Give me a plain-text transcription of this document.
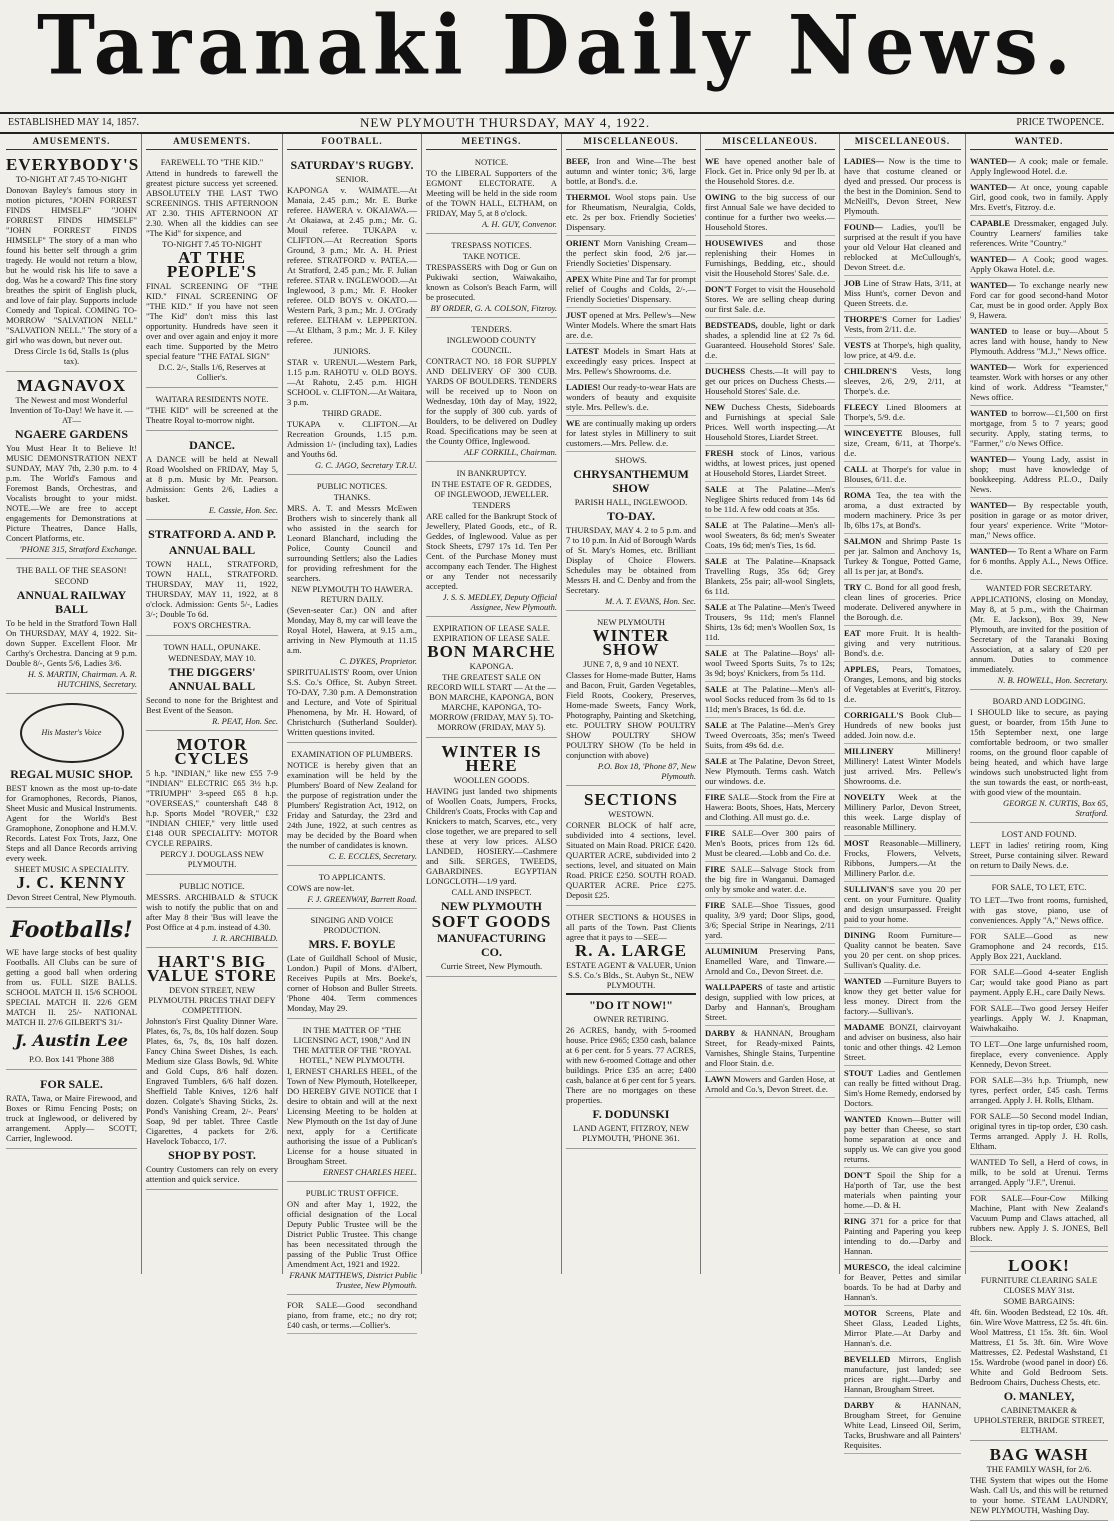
Taranaki Daily News.
ESTABLISHED MAY 14, 1857.	NEW PLYMOUTH THURSDAY, MAY 4, 1922.	PRICE TWOPENCE.
AMUSEMENTS.
EVERYBODY'S
TO-NIGHT AT 7.45 TO-NIGHT
Donovan Bayley's famous story in motion pictures, "JOHN FORREST FINDS HIMSELF" "JOHN FORREST FINDS HIMSELF" "JOHN FORREST FINDS HIMSELF" The story of a man who found his better self through a grim tragedy. He would not return a blow, but he would risk his life to save a dog. Was he a coward? This fine story breathes the spirit of English pluck, and love of fair play. Supports include Comedy and Topical. COMING TO-MORROW "SALVATION NELL" "SALVATION NELL." The story of a girl who was down, but never out.
Dress Circle 1s 6d, Stalls 1s (plus tax).
MAGNAVOX
The Newest and most Wonderful Invention of To-Day! We have it. —AT—
NGAERE GARDENS
You Must Hear It to Believe It! MUSIC DEMONSTRATION NEXT SUNDAY, MAY 7th, 2.30 p.m. to 4 p.m. The World's Famous and Foremost Bands, Orchestras, and Vocalists brought to your midst. NOTE.—We are free to accept engagements for Demonstrations at Picture Theatres, Dance Halls, Concert Platforms, etc.
'PHONE 315, Stratford Exchange.
THE BALL OF THE SEASON!
SECOND
ANNUAL RAILWAY BALL
To be held in the Stratford Town Hall On THURSDAY, MAY 4, 1922. Sit-down Supper. Excellent Floor. Mr Carthy's Orchestra. Dancing at 9 p.m. Double 8/-, Gents 5/6, Ladies 3/6.
H. S. MARTIN, Chairman. A. R. HUTCHINS, Secretary.
His Master's Voice
REGAL MUSIC SHOP.
BEST known as the most up-to-date for Gramophones, Records, Pianos, Sheet Music and Musical Instruments. Agent for the World's Best Gramophone, Zonophone and H.M.V. Records. Latest Fox Trots, Jazz, One Steps and all Dance Records arriving every week.
SHEET MUSIC A SPECIALITY.
J. C. KENNY
Devon Street Central, New Plymouth.
Footballs!
WE have large stocks of best quality Footballs. All Clubs can be sure of getting a good ball when ordering from us. FULL SIZE BALLS. SCHOOL MATCH II. 15/6 SCHOOL SPECIAL MATCH II. 22/6 GEM MATCH II. 25/- NATIONAL MATCH II. 27/6 GILBERT'S 31/-
J. Austin Lee
P.O. Box 141 'Phone 388
FOR SALE.
RATA, Tawa, or Maire Firewood, and Boxes or Rimu Fencing Posts; on truck at Inglewood, or delivered by arrangement. Apply— SCOTT, Carrier, Inglewood.
AMUSEMENTS.
FAREWELL TO "THE KID."
Attend in hundreds to farewell the greatest picture success yet screened. ABSOLUTELY THE LAST TWO SCREENINGS. THIS AFTERNOON AT 2.30. THIS AFTERNOON AT 2.30. When all the kiddies can see "The Kid" for sixpence, and
TO-NIGHT 7.45 TO-NIGHT
AT THE PEOPLE'S
FINAL SCREENING OF "THE KID." FINAL SCREENING OF "THE KID." If you have not seen "The Kid" don't miss this last opportunity. Hundreds have seen it over and over again and enjoy it more each time. Supported by the Metro special feature "THE FATAL SIGN"
D.C. 2/-, Stalls 1/6, Reserves at Collier's.
WAITARA RESIDENTS NOTE.
"THE KID" will be screened at the Theatre Royal to-morrow night.
DANCE.
A DANCE will be held at Newall Road Woolshed on FRIDAY, May 5, at 8 p.m. Music by Mr. Pearson. Admission: Gents 2/6, Ladies a basket.
E. Cassie, Hon. Sec.
STRATFORD A. AND P.
ANNUAL BALL
TOWN HALL, STRATFORD, TOWN HALL, STRATFORD. THURSDAY, MAY 11, 1922, THURSDAY, MAY 11, 1922, at 8 o'clock. Admission: Gents 5/-, Ladies 3/-; Double To 6d.
FOX'S ORCHESTRA.
TOWN HALL, OPUNAKE.
WEDNESDAY, MAY 10.
THE DIGGERS' ANNUAL BALL
Second to none for the Brightest and Best Event of the Season.
R. PEAT, Hon. Sec.
MOTOR CYCLES
5 h.p. "INDIAN," like new £55 7-9 "INDIAN" ELECTRIC £65 3½ h.p. "TRIUMPH" 3-speed £65 8 h.p. "OVERSEAS," countershaft £48 8 h.p. Sports Model "ROVER," £32 "INDIAN CHIEF," very little used £148 OUR SPECIALITY: MOTOR CYCLE REPAIRS.
PERCY J. DOUGLASS NEW PLYMOUTH.
PUBLIC NOTICE.
MESSRS. ARCHIBALD & STUCK wish to notify the public that on and after May 8 their 'Bus will leave the Post Office at 4 p.m. instead of 4.30.
J. R. ARCHIBALD.
HART'S BIG VALUE STORE
DEVON STREET, NEW PLYMOUTH. PRICES THAT DEFY COMPETITION.
Johnston's First Quality Dinner Ware. Plates, 6s, 7s, 8s, 10s half dozen. Soup Plates, 6s, 7s, 8s, 10s half dozen. Fancy China Sweet Dishes, 1s each. Medium size Glass Bowls, 9d. White and Gold Cups, 8/6 half dozen. Engraved Tumblers, 6/6 half dozen. Sheffield Table Knives, 12/6 half dozen. Colgate's Shaving Sticks, 2s. Pond's Vanishing Cream, 2/-. Pears' Soap, 9d per tablet. Three Castle Cigarettes, 4 packets for 2/6. Havelock Tobacco, 1/7.
SHOP BY POST.
Country Customers can rely on every attention and quick service.
FOOTBALL.
SATURDAY'S RUGBY.
SENIOR.
KAPONGA v. WAIMATE.—At Manaia, 2.45 p.m.; Mr. E. Burke referee. HAWERA v. OKAIAWA.—At Okaiawa, at 2.45 p.m.; Mr. G. Mouil referee. TUKAPA v. CLIFTON.—At Recreation Sports Ground, 3 p.m.; Mr. A. H. Priest referee. STRATFORD v. PATEA.—At Stratford, 2.45 p.m.; Mr. F. Julian referee. STAR v. INGLEWOOD.—At Inglewood, 3 p.m.; Mr. F. Hooker referee. OLD BOYS v. OKATO.—Western Park, 3 p.m.; Mr. J. O'Grady referee. ELTHAM v. LEPPERTON.—At Eltham, 3 p.m.; Mr. J. F. Kiley referee.
JUNIORS.
STAR v. URENUI.—Western Park, 1.15 p.m. RAHOTU v. OLD BOYS.—At Rahotu, 2.45 p.m. HIGH SCHOOL v. CLIFTON.—At Waitara, 3 p.m.
THIRD GRADE.
TUKAPA v. CLIFTON.—At Recreation Grounds, 1.15 p.m. Admission 1/- (including tax), Ladies and Youths 6d.
G. C. JAGO, Secretary T.R.U.
PUBLIC NOTICES.
THANKS.
MRS. A. T. and Messrs McEwen Brothers wish to sincerely thank all who assisted in the search for Leonard Blanchard, including the Police, County Council and surrounding Settlers; also the Ladies for providing refreshment for the searchers.
NEW PLYMOUTH TO HAWERA. RETURN DAILY.
(Seven-seater Car.) ON and after Monday, May 8, my car will leave the Royal Hotel, Hawera, at 9.15 a.m., arriving in New Plymouth at 11.15 a.m.
C. DYKES, Proprietor.
SPIRITUALISTS' Room, over Union S.S. Co.'s Office, St. Aubyn Street. TO-DAY, 7.30 p.m. A Demonstration and Lecture, and Vote of Spiritual Phenomena, by Mr. H. Howard, of Christchurch (Sutherland Soulder). Written questions invited.
EXAMINATION OF PLUMBERS.
NOTICE is hereby given that an examination will be held by the Plumbers' Board of New Zealand for the purpose of registration under the Plumbers' Registration Act, 1912, on Friday and Saturday, the 23rd and 24th June, 1922, at such centres as may be decided by the Board when the number of candidates is known.
C. E. ECCLES, Secretary.
TO APPLICANTS.
COWS are now-let.
F. J. GREENWAY, Barrett Road.
SINGING AND VOICE PRODUCTION.
MRS. F. BOYLE
(Late of Guildhall School of Music, London.) Pupil of Mons. d'Albert, Receives Pupils at Mrs. Boeke's, corner of Hobson and Buller Streets. 'Phone 404. Term commences Monday, May 29.
IN THE MATTER OF "THE LICENSING ACT, 1908," And IN THE MATTER OF THE "ROYAL HOTEL," NEW PLYMOUTH.
I, ERNEST CHARLES HEEL, of the Town of New Plymouth, Hotelkeeper, DO HEREBY GIVE NOTICE that I desire to obtain and will at the next Licensing Meeting to be holden at New Plymouth on the 1st day of June next, apply for a Certificate authorising the issue of a Publican's License for a house situated in Brougham Street.
ERNEST CHARLES HEEL.
PUBLIC TRUST OFFICE.
ON and after May 1, 1922, the official designation of the Local Deputy Public Trustee will be the District Public Trustee. This change has been necessitated through the passing of the Public Trust Office Amendment Act, 1921 and 1922.
FRANK MATTHEWS, District Public Trustee, New Plymouth.
FOR SALE—Good secondhand piano, from frame, etc.; no dry rot; £40 cash, or terms.—Collier's.
MEETINGS.
NOTICE.
TO the LIBERAL Supporters of the EGMONT ELECTORATE. A Meeting will be held in the side room of the TOWN HALL, ELTHAM, on FRIDAY, May 5, at 8 o'clock.
A. H. GUY, Convenor.
TRESPASS NOTICES.
TAKE NOTICE.
TRESPASSERS with Dog or Gun on Pukiwaki section, Waiwakaiho, known as Colson's Beach Farm, will be prosecuted.
BY ORDER, G. A. COLSON, Fitzroy.
TENDERS.
INGLEWOOD COUNTY COUNCIL.
CONTRACT NO. 18 FOR SUPPLY AND DELIVERY OF 300 CUB. YARDS OF BOULDERS. TENDERS will be received up to Noon on Wednesday, 10th day of May, 1922, for the supply of 300 cub. yards of Boulders, to be delivered on Dudley Road. Specifications may be seen at the County Office, Inglewood.
ALF CORKILL, Chairman.
IN BANKRUPTCY.
IN THE ESTATE OF R. GEDDES, OF INGLEWOOD, JEWELLER.
TENDERS
ARE called for the Bankrupt Stock of Jewellery, Plated Goods, etc., of R. Geddes, of Inglewood. Value as per Stock Sheets, £797 17s 1d. Ten Per Cent. of the Purchase Money must accompany each Tender. The Highest or any Tender not necessarily accepted.
J. S. S. MEDLEY, Deputy Official Assignee, New Plymouth.
EXPIRATION OF LEASE SALE. EXPIRATION OF LEASE SALE.
BON MARCHE
KAPONGA.
THE GREATEST SALE ON RECORD WILL START — At the — BON MARCHE, KAPONGA, BON MARCHE, KAPONGA, TO-MORROW (FRIDAY, MAY 5). TO-MORROW (FRIDAY, MAY 5).
WINTER IS HERE
WOOLLEN GOODS.
HAVING just landed two shipments of Woollen Coats, Jumpers, Frocks, Children's Coats, Frocks with Cap and Knickers to match, Scarves, etc., very close together, we are prepared to sell these at very low prices. ALSO LANDED, HOSIERY.—Cashmere and Silk. SERGES, TWEEDS, GABARDINES. EGYPTIAN LONGCLOTH—1/9 yard.
CALL AND INSPECT.
NEW PLYMOUTH
SOFT GOODS
MANUFACTURING CO.
Currie Street, New Plymouth.
MISCELLANEOUS.
BEEF, Iron and Wine—The best autumn and winter tonic; 3/6, large bottle, at Bond's. d.e.
THERMOL Wool stops pain. Use for Rheumatism, Neuralgia, Colds, etc. 2s per box. Friendly Societies' Dispensary.
ORIENT Morn Vanishing Cream—the perfect skin food, 2/6 jar.—Friendly Societies' Dispensary.
APEX White Pine and Tar for prompt relief of Coughs and Colds, 2/-.—Friendly Societies' Dispensary.
JUST opened at Mrs. Pellew's—New Winter Models. Where the smart Hats are. d.e.
LATEST Models in Smart Hats at exceedingly easy prices. Inspect at Mrs. Pellew's Showrooms. d.e.
LADIES! Our ready-to-wear Hats are wonders of beauty and exquisite style. Mrs. Pellew's. d.e.
WE are continually making up orders for latest styles in Millinery to suit customers.—Mrs. Pellew. d.e.
SHOWS.
CHRYSANTHEMUM SHOW
PARISH HALL, INGLEWOOD.
TO-DAY.
THURSDAY, MAY 4. 2 to 5 p.m. and 7 to 10 p.m. In Aid of Borough Wards of St. Mary's Homes, etc. Brilliant Display of Choice Flowers. Schedules may be obtained from Messrs H. and C. Denby and from the Secretary.
M. A. T. EVANS, Hon. Sec.
NEW PLYMOUTH
WINTER SHOW
JUNE 7, 8, 9 and 10 NEXT.
Classes for Home-made Butter, Hams and Bacon, Fruit, Garden Vegetables, Field Roots, Cookery, Preserves, Home-made Sweets, Fancy Work, Photography, Painting and Sketching, etc. POULTRY SHOW POULTRY SHOW POULTRY SHOW POULTRY SHOW (To be held in conjunction with above)
P.O. Box 18, 'Phone 87, New Plymouth.
SECTIONS
WESTOWN.
CORNER BLOCK of half acre, subdivided into 4 sections, level. Situated on Main Road. PRICE £420. QUARTER ACRE, subdivided into 2 sections, level, and situated on Main Road. PRICE £250. SOUTH ROAD. QUARTER ACRE. Price £275. Deposit £25.
OTHER SECTIONS & HOUSES in all parts of the Town. Past Clients agree that it pays to —SEE—
R. A. LARGE
ESTATE AGENT & VALUER, Union S.S. Co.'s Blds., St. Aubyn St., NEW PLYMOUTH.
"DO IT NOW!"
OWNER RETIRING.
26 ACRES, handy, with 5-roomed house. Price £965; £350 cash, balance at 6 per cent. for 5 years. 77 ACRES, with new 6-roomed Cottage and other buildings. Price £35 an acre; £400 cash, balance at 6 per cent for 5 years. There are no mortgages on these properties.
F. DODUNSKI
LAND AGENT, FITZROY, NEW PLYMOUTH, 'PHONE 361.
MISCELLANEOUS.
WE have opened another bale of Flock. Get in. Price only 9d per lb. at the Household Stores. d.e.
OWING to the big success of our first Annual Sale we have decided to continue for a further two weeks.—Household Stores.
HOUSEWIVES and those replenishing their Homes in Furnishings, Bedding, etc., should visit the Household Stores' Sale. d.e.
DON'T Forget to visit the Household Stores. We are selling cheap during our first Sale. d.e.
BEDSTEADS, double, light or dark shades, a splendid line at £2 7s 6d. Guaranteed. Household Stores' Sale. d.e.
DUCHESS Chests.—It will pay to get our prices on Duchess Chests.—Household Stores' Sale. d.e.
NEW Duchess Chests, Sideboards and Furnishings at special Sale Prices. Well worth inspecting.—At Household Stores, Liardet Street.
FRESH stock of Linos, various widths, at lowest prices, just opened at Household Stores, Liardet Street.
SALE at The Palatine—Men's Negligee Shirts reduced from 14s 6d to be 11d. A few odd coats at 35s.
SALE at The Palatine—Men's all-wool Sweaters, 8s 6d; men's Sweater Coats, 19s 6d; men's Ties, 1s 6d.
SALE at The Palatine—Knapsack Travelling Rugs, 35s 6d; Grey Blankets, 25s pair; all-wool Singlets, 6s 11d.
SALE at The Palatine—Men's Tweed Trousers, 9s 11d; men's Flannel Shirts, 13s 6d; men's Woollen Sox, 1s 11d.
SALE at The Palatine—Boys' all-wool Tweed Sports Suits, 7s to 12s; 3s 9d; boys' Knickers, from 5s 11d.
SALE at The Palatine—Men's all-wool Socks reduced from 3s 6d to 1s 11d; men's Braces, 1s 6d. d.e.
SALE at The Palatine—Men's Grey Tweed Overcoats, 35s; men's Tweed Suits, from 49s 6d. d.e.
SALE at The Palatine, Devon Street, New Plymouth. Terms cash. Watch our windows. d.e.
FIRE SALE—Stock from the Fire at Hawera: Boots, Shoes, Hats, Mercery and Clothing. All must go. d.e.
FIRE SALE—Over 300 pairs of Men's Boots, prices from 12s 6d. Must be cleared.—Lobb and Co. d.e.
FIRE SALE—Salvage Stock from the big fire in Wanganui. Damaged only by smoke and water. d.e.
FIRE SALE—Shoe Tissues, good quality, 3/9 yard; Door Slips, good, 3/6; Special Stripe in Nearings, 2/11 yard.
ALUMINIUM Preserving Pans, Enamelled Ware, and Tinware.—Arnold and Co., Devon Street. d.e.
WALLPAPERS of taste and artistic design, supplied with low prices, at Darby and Hannan's, Brougham Street.
DARBY & HANNAN, Brougham Street, for Ready-mixed Paints, Varnishes, Shingle Stains, Turpentine and Floor Stain. d.e.
LAWN Mowers and Garden Hose, at Arnold and Co.'s, Devon Street. d.e.
MISCELLANEOUS.
LADIES— Now is the time to have that costume cleaned or dyed and pressed. Our process is the best in the Dominion. Send to McNeill's, Devon Street, New Plymouth.
FOUND— Ladies, you'll be surprised at the result if you have your old Velour Hat cleaned and reblocked at McCullough's, Devon Street. d.e.
JOB Line of Straw Hats, 3/11, at Miss Hunt's, corner Devon and Queen Streets. d.e.
THORPE'S Corner for Ladies' Vests, from 2/11. d.e.
VESTS at Thorpe's, high quality, low price, at 4/9. d.e.
CHILDREN'S Vests, long sleeves, 2/6, 2/9, 2/11, at Thorpe's. d.e.
FLEECY Lined Bloomers at Thorpe's, 5/9. d.e.
WINCEYETTE Blouses, full size, Cream, 6/11, at Thorpe's. d.e.
CALL at Thorpe's for value in Blouses, 6/11. d.e.
ROMA Tea, the tea with the aroma, a dust extracted by modern machinery. Price 3s per lb, 6lbs 17s, at Bond's.
SALMON and Shrimp Paste 1s per jar. Salmon and Anchovy 1s, Turkey & Tongue, Potted Game, all 1s per jar, at Bond's.
TRY C. Bond for all good fresh, clean lines of groceries. Price moderate. Delivered anywhere in the Borough. d.e.
EAT more Fruit. It is health-giving and very nutritious. Bond's. d.e.
APPLES, Pears, Tomatoes, Oranges, Lemons, and big stocks of Vegetables at Everitt's, Fitzroy. d.e.
CORRIGALL'S Book Club—Hundreds of new books just added. Join now. d.e.
MILLINERY Millinery! Millinery! Latest Winter Models just arrived. Mrs. Pellew's Showrooms. d.e.
NOVELTY Week at the Millinery Parlor, Devon Street, this week. Large display of reasonable Millinery.
MOST Reasonable—Millinery, Frocks, Flowers, Velvets, Ribbons, Jumpers.—At the Millinery Parlor. d.e.
SULLIVAN'S save you 20 per cent. on your Furniture. Quality and design unsurpassed. Freight paid to your home.
DINING Room Furniture—Quality cannot be beaten. Save you 20 per cent. on shop prices. Sullivan's Quality. d.e.
WANTED —Furniture Buyers to know they get better value for less money. Direct from the factory.—Sullivan's.
MADAME BONZI, clairvoyant and adviser on business, also hair tonic and other things. 42 Lemon Street.
STOUT Ladies and Gentlemen can really be fitted without Drag. Sim's Home Remedy, endorsed by Doctors.
WANTED Known—Butter will pay better than Cheese, so start home separation at once and supply us. We can give you good returns.
DON'T Spoil the Ship for a Ha'porth of Tar, use the best materials when painting your home.—D. & H.
RING 371 for a price for that Painting and Papering you keep intending to do.—Darby and Hannan.
MURESCO, the ideal calcimine for Beaver, Pettes and similar boards. To be had at Darby and Hannan's.
MOTOR Screens, Plate and Sheet Glass, Leaded Lights, Mirror Plate.—At Darby and Hannan's. d.e.
BEVELLED Mirrors, English manufacture, just landed; see prices are right.—Darby and Hannan, Brougham Street.
DARBY & HANNAN, Brougham Street, for Genuine White Lead, Linseed Oil, Serim, Tacks, Brushware and all Painters' Requisites.
WANTED.
WANTED— A cook; male or female. Apply Inglewood Hotel. d.e.
WANTED— At once, young capable Girl, good cook, two in family. Apply Mrs. Evett's, Fitzroy. d.e.
CAPABLE Dressmaker, engaged July. Country Learners' families take references. Write "Country."
WANTED— A Cook; good wages. Apply Okawa Hotel. d.e.
WANTED— To exchange nearly new Ford car for good second-hand Motor Car, must be in good order. Apply Box 9, Hawera.
WANTED to lease or buy—About 5 acres land with house, handy to New Plymouth. Address "M.J.," News office.
WANTED— Work for experienced teamster. Work with horses or any other kind of work. Address "Teamster," News office.
WANTED to borrow—£1,500 on first mortgage, from 5 to 7 years; good security. Apply, stating terms, to "Farmer," c/o News Office.
WANTED— Young Lady, assist in shop; must have knowledge of bookkeeping. Address P.L.O., Daily News.
WANTED— By respectable youth, position in garage or as motor driver, four years' experience. Write "Motor-man," News office.
WANTED— To Rent a Whare on Farm for 6 months. Apply A.L., News Office. d.e.
WANTED FOR SECRETARY.
APPLICATIONS, closing on Monday, May 8, at 5 p.m., with the Chairman (Mr. E. Jackson), Box 39, New Plymouth, are invited for the position of Secretary of the Taranaki Boxing Association, at a salary of £20 per annum. Duties to commence immediately.
N. B. HOWELL, Hon. Secretary.
BOARD AND LODGING.
I SHOULD like to secure, as paying guest, or boarder, from 15th June to 15th September next, one large comfortable bedroom, or two smaller rooms, on the ground floor capable of being heated, and which have large windows such unobstructed light from the sun towards the east, or north-east, with good view of the mountain.
GEORGE N. CURTIS, Box 65, Stratford.
LOST AND FOUND.
LEFT in ladies' retiring room, King Street, Purse containing silver. Reward on return to Daily News. d.e.
FOR SALE, TO LET, ETC.
TO LET—Two front rooms, furnished, with gas stove, piano, use of conveniences. Apply "A," News office.
FOR SALE—Good as new Gramophone and 24 records, £15. Apply Box 221, Auckland.
FOR SALE—Good 4-seater English Car; would take good Piano as part payment. Apply E.H., care Daily News.
FOR SALE—Two good Jersey Heifer yearlings. Apply W. J. Knapman, Waiwhakaiho.
TO LET—One large unfurnished room, fireplace, every convenience. Apply Kennedy, Devon Street.
FOR SALE—3½ h.p. Triumph, new tyres, perfect order, £45 cash. Terms arranged. Apply J. H. Rolls, Eltham.
FOR SALE—50 Second model Indian, original tyres in tip-top order, £30 cash. Terms arranged. Apply J. H. Rolls, Eltham.
WANTED To Sell, a Herd of cows, in milk, to be sold at Urenui. Terms arranged. Apply "J.F.", Urenui.
FOR SALE—Four-Cow Milking Machine, Plant with New Zealand's Vacuum Pump and Claws attached, all rubbers new. Apply J. S. JONES, Bell Block.
LOOK!
FURNITURE CLEARING SALE CLOSES MAY 31st.
SOME BARGAINS:
4ft. 6in. Wooden Bedstead, £2 10s. 4ft. 6in. Wire Wove Mattress, £2 5s. 4ft. 6in. Wool Mattress, £1 15s. 3ft. 6in. Wool Mattress, £1 5s. 3ft. 6in. Wire Wove Mattresses, £2. Pedestal Washstand, £1 15s. Wardrobe (wood panel in door) £6. White and Gold Bedroom Sets. Bedroom Chairs, Duchess Chests, etc.
O. MANLEY,
CABINETMAKER & UPHOLSTERER, BRIDGE STREET, ELTHAM.
BAG WASH
THE FAMILY WASH, for 2/6.
THE System that wipes out the Home Wash. Call Us, and this will be returned to your home. STEAM LAUNDRY, NEW PLYMOUTH, Washing Day.
